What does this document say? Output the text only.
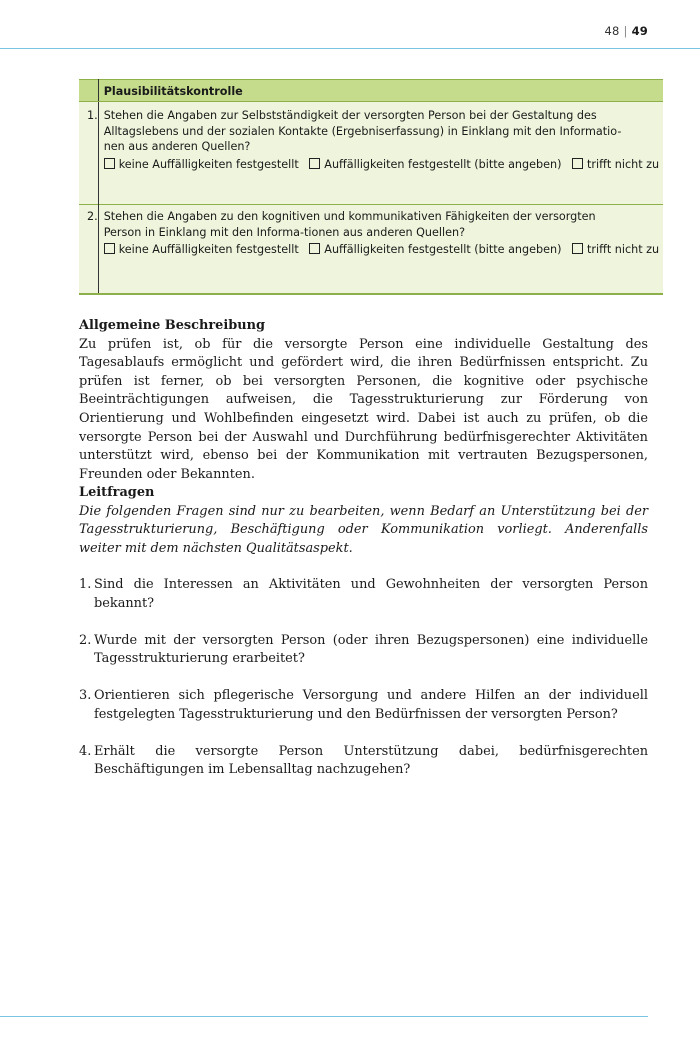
48 | 49
	Plausibilitätskontrolle
1.	Stehen die Angaben zur Selbstständigkeit der versorgten Person bei der Gestaltung des
Alltagslebens und der sozialen Kontakte (Ergebniserfassung) in Einklang mit den Informatio-
nen aus anderen Quellen?
keine Auffälligkeiten festgestellt Auffälligkeiten festgestellt (bitte angeben) trifft nicht zu

2.	Stehen die Angaben zu den kognitiven und kommunikativen Fähigkeiten der versorgten
Person in Einklang mit den Informa-tionen aus anderen Quellen?
keine Auffälligkeiten festgestellt Auffälligkeiten festgestellt (bitte angeben) trifft nicht zu
Allgemeine Beschreibung
Zu prüfen ist, ob für die versorgte Person eine individuelle Gestaltung des Tagesablaufs ermöglicht und gefördert wird, die ihren Bedürfnissen entspricht. Zu prüfen ist ferner, ob bei versorgten Personen, die kognitive oder psychische Beeinträchtigungen aufweisen, die Tagesstrukturierung zur Förderung von Orientierung und Wohlbefinden eingesetzt wird. Dabei ist auch zu prüfen, ob die versorgte Person bei der Auswahl und Durchführung bedürfnisgerechter Aktivitäten unterstützt wird, ebenso bei der Kommunikation mit vertrauten Bezugspersonen, Freunden oder Bekannten.
Leitfragen
Die folgenden Fragen sind nur zu bearbeiten, wenn Bedarf an Unterstützung bei der Tagesstrukturierung, Beschäftigung oder Kommunikation vorliegt. Anderenfalls weiter mit dem nächsten Qualitätsaspekt.
1. Sind die Interessen an Aktivitäten und Gewohnheiten der versorgten Person bekannt?
2. Wurde mit der versorgten Person (oder ihren Bezugspersonen) eine individuelle Tagesstrukturierung erarbeitet?
3. Orientieren sich pflegerische Versorgung und andere Hilfen an der individuell festgelegten Tagesstrukturierung und den Bedürfnissen der versorgten Person?
4. Erhält die versorgte Person Unterstützung dabei, bedürfnisgerechten Beschäftigungen im Lebensalltag nachzugehen?
